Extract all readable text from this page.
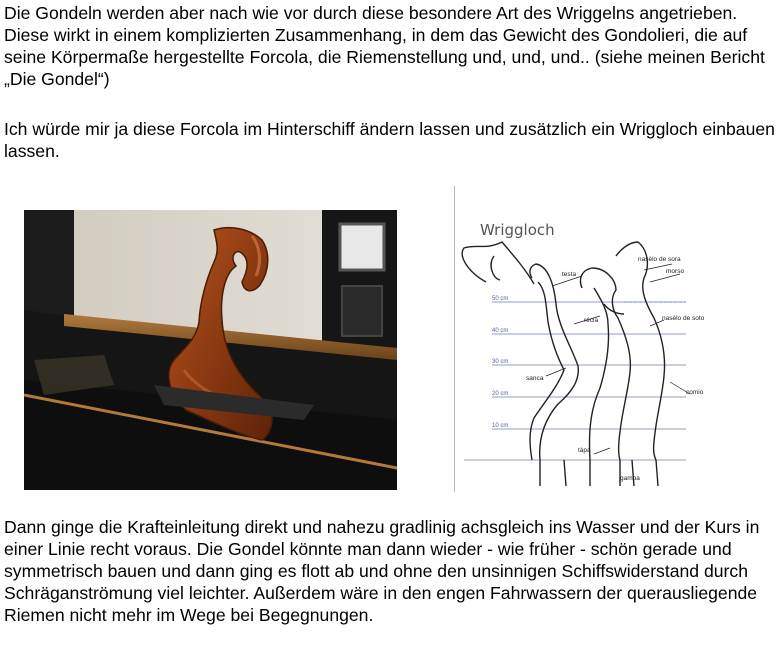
Die Gondeln werden aber nach wie vor durch diese besondere Art des Wriggelns angetrieben. Diese wirkt in einem komplizierten Zusammenhang, in dem das Gewicht des Gondolieri, die auf seine Körpermaße hergestellte Forcola, die Riemenstellung und, und, und.. (siehe meinen Bericht „Die Gondel“)

Ich würde mir ja diese Forcola im Hinterschiff ändern lassen und zusätzlich ein Wriggloch einbauen lassen.

Wriggloch
50 cm
40 cm
30 cm
20 cm
10 cm
testa
nasèlo de sora
morso
récia	nasèlo de soto
sanca
comio
tàpa
gamba

Dann ginge die Krafteinleitung direkt und nahezu gradlinig achsgleich ins Wasser und der Kurs in einer Linie recht voraus. Die Gondel könnte man dann wieder - wie früher - schön gerade und symmetrisch bauen und dann ging es flott ab und ohne den unsinnigen Schiffswiderstand durch Schräganströmung viel leichter. Außerdem wäre in den engen Fahrwassern der querausliegende Riemen nicht mehr im Wege bei Begegnungen.
